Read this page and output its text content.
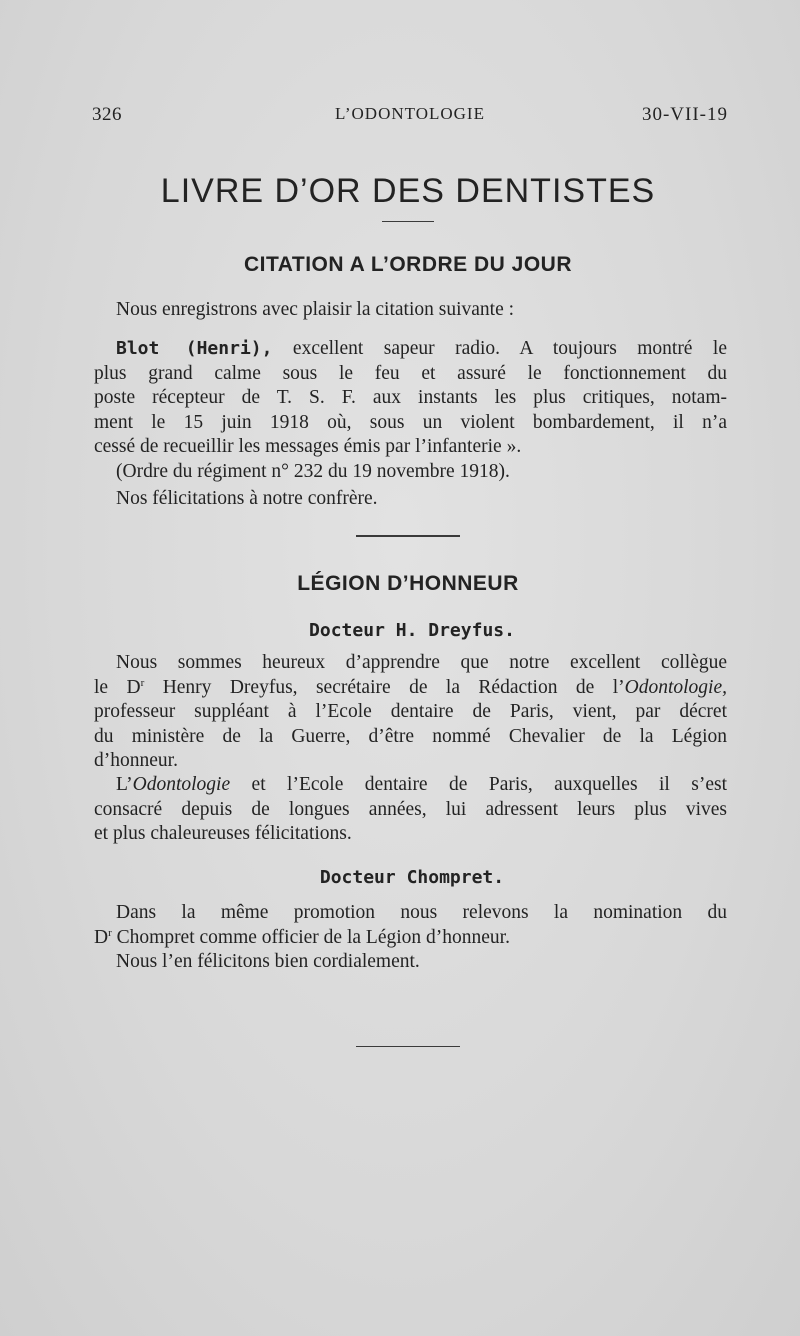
326	L’ODONTOLOGIE	30-VII-19
LIVRE D’OR DES DENTISTES
CITATION A L’ORDRE DU JOUR
Nous enregistrons avec plaisir la citation suivante :
Blot (Henri), excellent sapeur radio. A toujours montré le
plus grand calme sous le feu et assuré le fonctionnement du
poste récepteur de T. S. F. aux instants les plus critiques, notam-
ment le 15 juin 1918 où, sous un violent bombardement, il n’a
cessé de recueillir les messages émis par l’infanterie ».
(Ordre du régiment n° 232 du 19 novembre 1918).
Nos félicitations à notre confrère.
LÉGION D’HONNEUR
Docteur H. Dreyfus.
Nous sommes heureux d’apprendre que notre excellent collègue
le $D^r$ Henry Dreyfus, secrétaire de la Rédaction de l’Odontologie,
professeur suppléant à l’Ecole dentaire de Paris, vient, par décret
du ministère de la Guerre, d’être nommé Chevalier de la Légion
d’honneur.
L’Odontologie et l’Ecole dentaire de Paris, auxquelles il s’est
consacré depuis de longues années, lui adressent leurs plus vives
et plus chaleureuses félicitations.
Docteur Chompret.
Dans la même promotion nous relevons la nomination du
$D^r$ Chompret comme officier de la Légion d’honneur.
Nous l’en félicitons bien cordialement.
